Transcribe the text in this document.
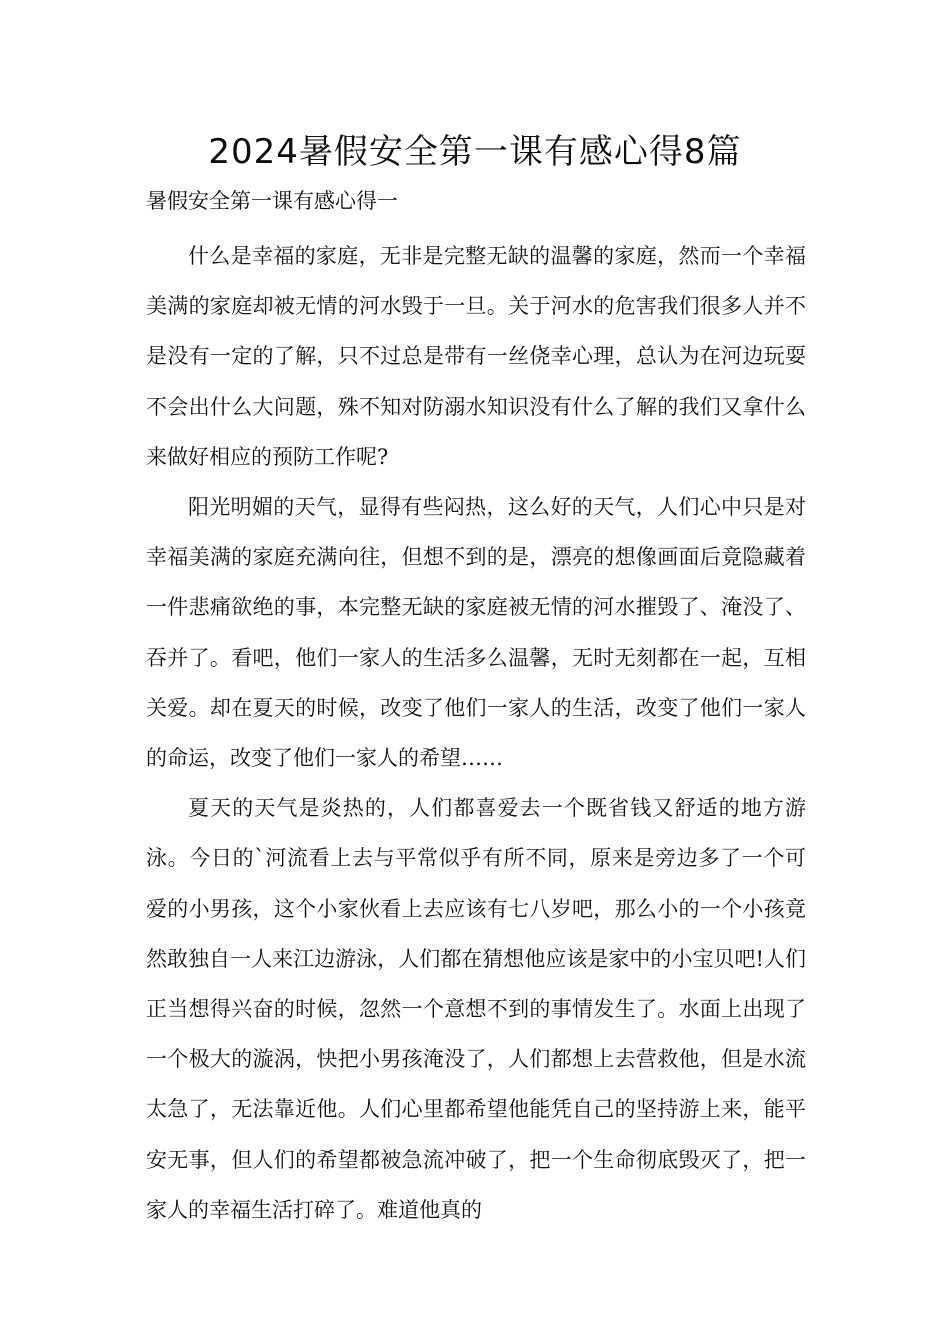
2024暑假安全第一课有感心得8篇

暑假安全第一课有感心得一

什么是幸福的家庭，无非是完整无缺的温馨的家庭，然而一个幸福美满的家庭却被无情的河水毁于一旦。关于河水的危害我们很多人并不是没有一定的了解，只不过总是带有一丝侥幸心理，总认为在河边玩耍不会出什么大问题，殊不知对防溺水知识没有什么了解的我们又拿什么来做好相应的预防工作呢?

阳光明媚的天气，显得有些闷热，这么好的天气，人们心中只是对幸福美满的家庭充满向往，但想不到的是，漂亮的想像画面后竟隐藏着一件悲痛欲绝的事，本完整无缺的家庭被无情的河水摧毁了、淹没了、吞并了。看吧，他们一家人的生活多么温馨，无时无刻都在一起，互相关爱。却在夏天的时候，改变了他们一家人的生活，改变了他们一家人的命运，改变了他们一家人的希望……

夏天的天气是炎热的，人们都喜爱去一个既省钱又舒适的地方游泳。今日的`河流看上去与平常似乎有所不同，原来是旁边多了一个可爱的小男孩，这个小家伙看上去应该有七八岁吧，那么小的一个小孩竟然敢独自一人来江边游泳，人们都在猜想他应该是家中的小宝贝吧!人们正当想得兴奋的时候，忽然一个意想不到的事情发生了。水面上出现了一个极大的漩涡，快把小男孩淹没了，人们都想上去营救他，但是水流太急了，无法靠近他。人们心里都希望他能凭自己的坚持游上来，能平安无事，但人们的希望都被急流冲破了，把一个生命彻底毁灭了，把一家人的幸福生活打碎了。难道他真的
